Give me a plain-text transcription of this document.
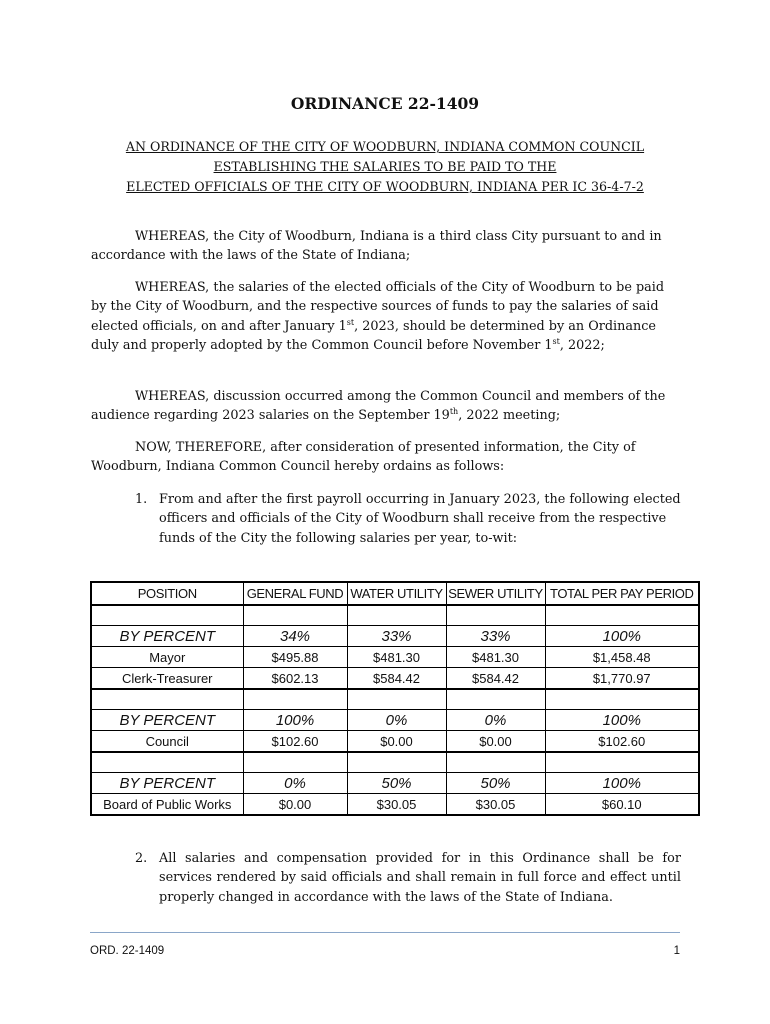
ORDINANCE 22-1409
AN ORDINANCE OF THE CITY OF WOODBURN, INDIANA COMMON COUNCIL
ESTABLISHING THE SALARIES TO BE PAID TO THE
ELECTED OFFICIALS OF THE CITY OF WOODBURN, INDIANA PER IC 36-4-7-2

WHEREAS, the City of Woodburn, Indiana is a third class City pursuant to and in accordance with the laws of the State of Indiana;

WHEREAS, the salaries of the elected officials of the City of Woodburn to be paid by the City of Woodburn, and the respective sources of funds to pay the salaries of said elected officials, on and after January 1st, 2023, should be determined by an Ordinance duly and properly adopted by the Common Council before November 1st, 2022;

WHEREAS, discussion occurred among the Common Council and members of the audience regarding 2023 salaries on the September 19th, 2022 meeting;

NOW, THEREFORE, after consideration of presented information, the City of Woodburn, Indiana Common Council hereby ordains as follows:

1. From and after the first payroll occurring in January 2023, the following elected officers and officials of the City of Woodburn shall receive from the respective funds of the City the following salaries per year, to-wit:
POSITION	GENERAL FUND	WATER UTILITY	SEWER UTILITY	TOTAL PER PAY PERIOD

BY PERCENT	34%	33%	33%	100%
Mayor	$495.88	$481.30	$481.30	$1,458.48
Clerk-Treasurer	$602.13	$584.42	$584.42	$1,770.97

BY PERCENT	100%	0%	0%	100%
Council	$102.60	$0.00	$0.00	$102.60

BY PERCENT	0%	50%	50%	100%
Board of Public Works	$0.00	$30.05	$30.05	$60.10
2. All salaries and compensation provided for in this Ordinance shall be for services rendered by said officials and shall remain in full force and effect until properly changed in accordance with the laws of the State of Indiana.
ORD. 22-1409	1
